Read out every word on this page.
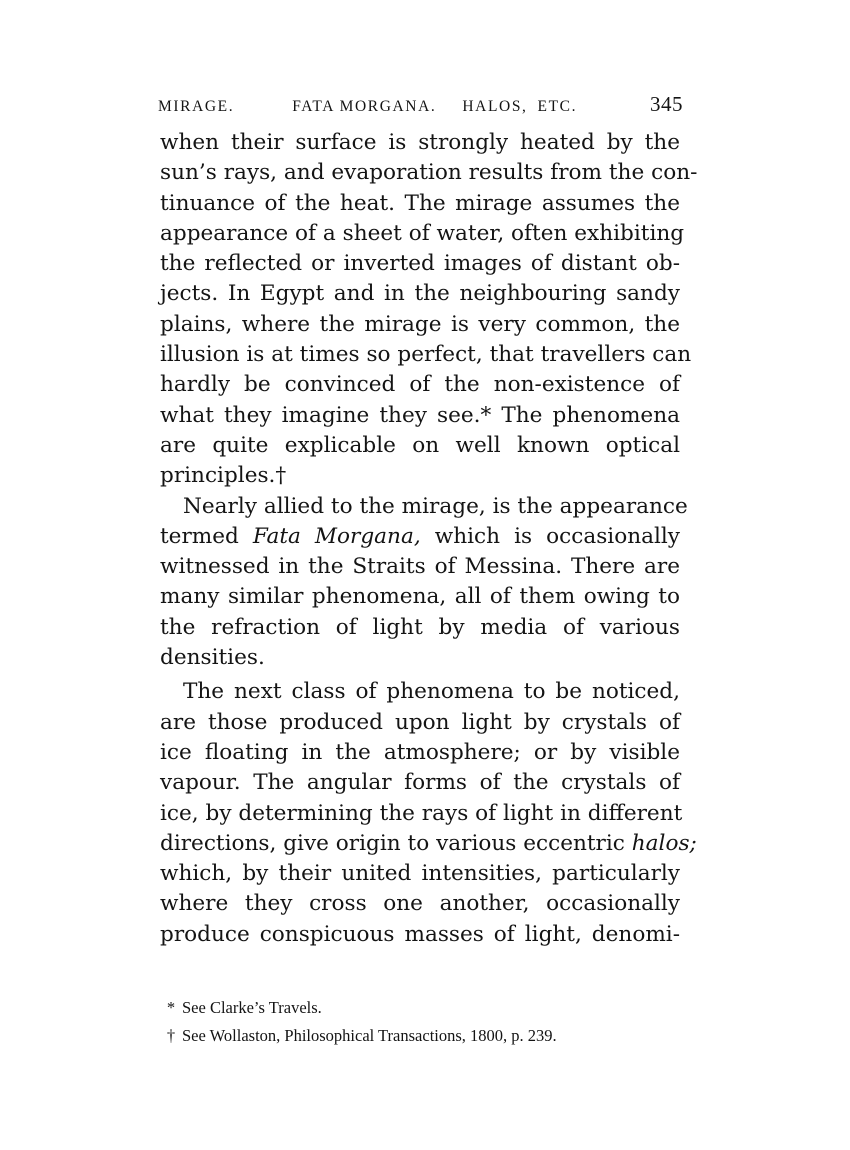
MIRAGE.	FATA MORGANA. HALOS, ETC.	345

when their surface is strongly heated by the
sun’s rays, and evaporation results from the con-
tinuance of the heat. The mirage assumes the
appearance of a sheet of water, often exhibiting
the reflected or inverted images of distant ob-
jects. In Egypt and in the neighbouring sandy
plains, where the mirage is very common, the
illusion is at times so perfect, that travellers can
hardly be convinced of the non-existence of
what they imagine they see.* The phenomena
are quite explicable on well known optical
principles.†

Nearly allied to the mirage, is the appearance
termed Fata Morgana, which is occasionally
witnessed in the Straits of Messina. There are
many similar phenomena, all of them owing to
the refraction of light by media of various
densities.

The next class of phenomena to be noticed,
are those produced upon light by crystals of
ice floating in the atmosphere; or by visible
vapour. The angular forms of the crystals of
ice, by determining the rays of light in different
directions, give origin to various eccentric halos;
which, by their united intensities, particularly
where they cross one another, occasionally
produce conspicuous masses of light, denomi-

* See Clarke’s Travels.
† See Wollaston, Philosophical Transactions, 1800, p. 239.
